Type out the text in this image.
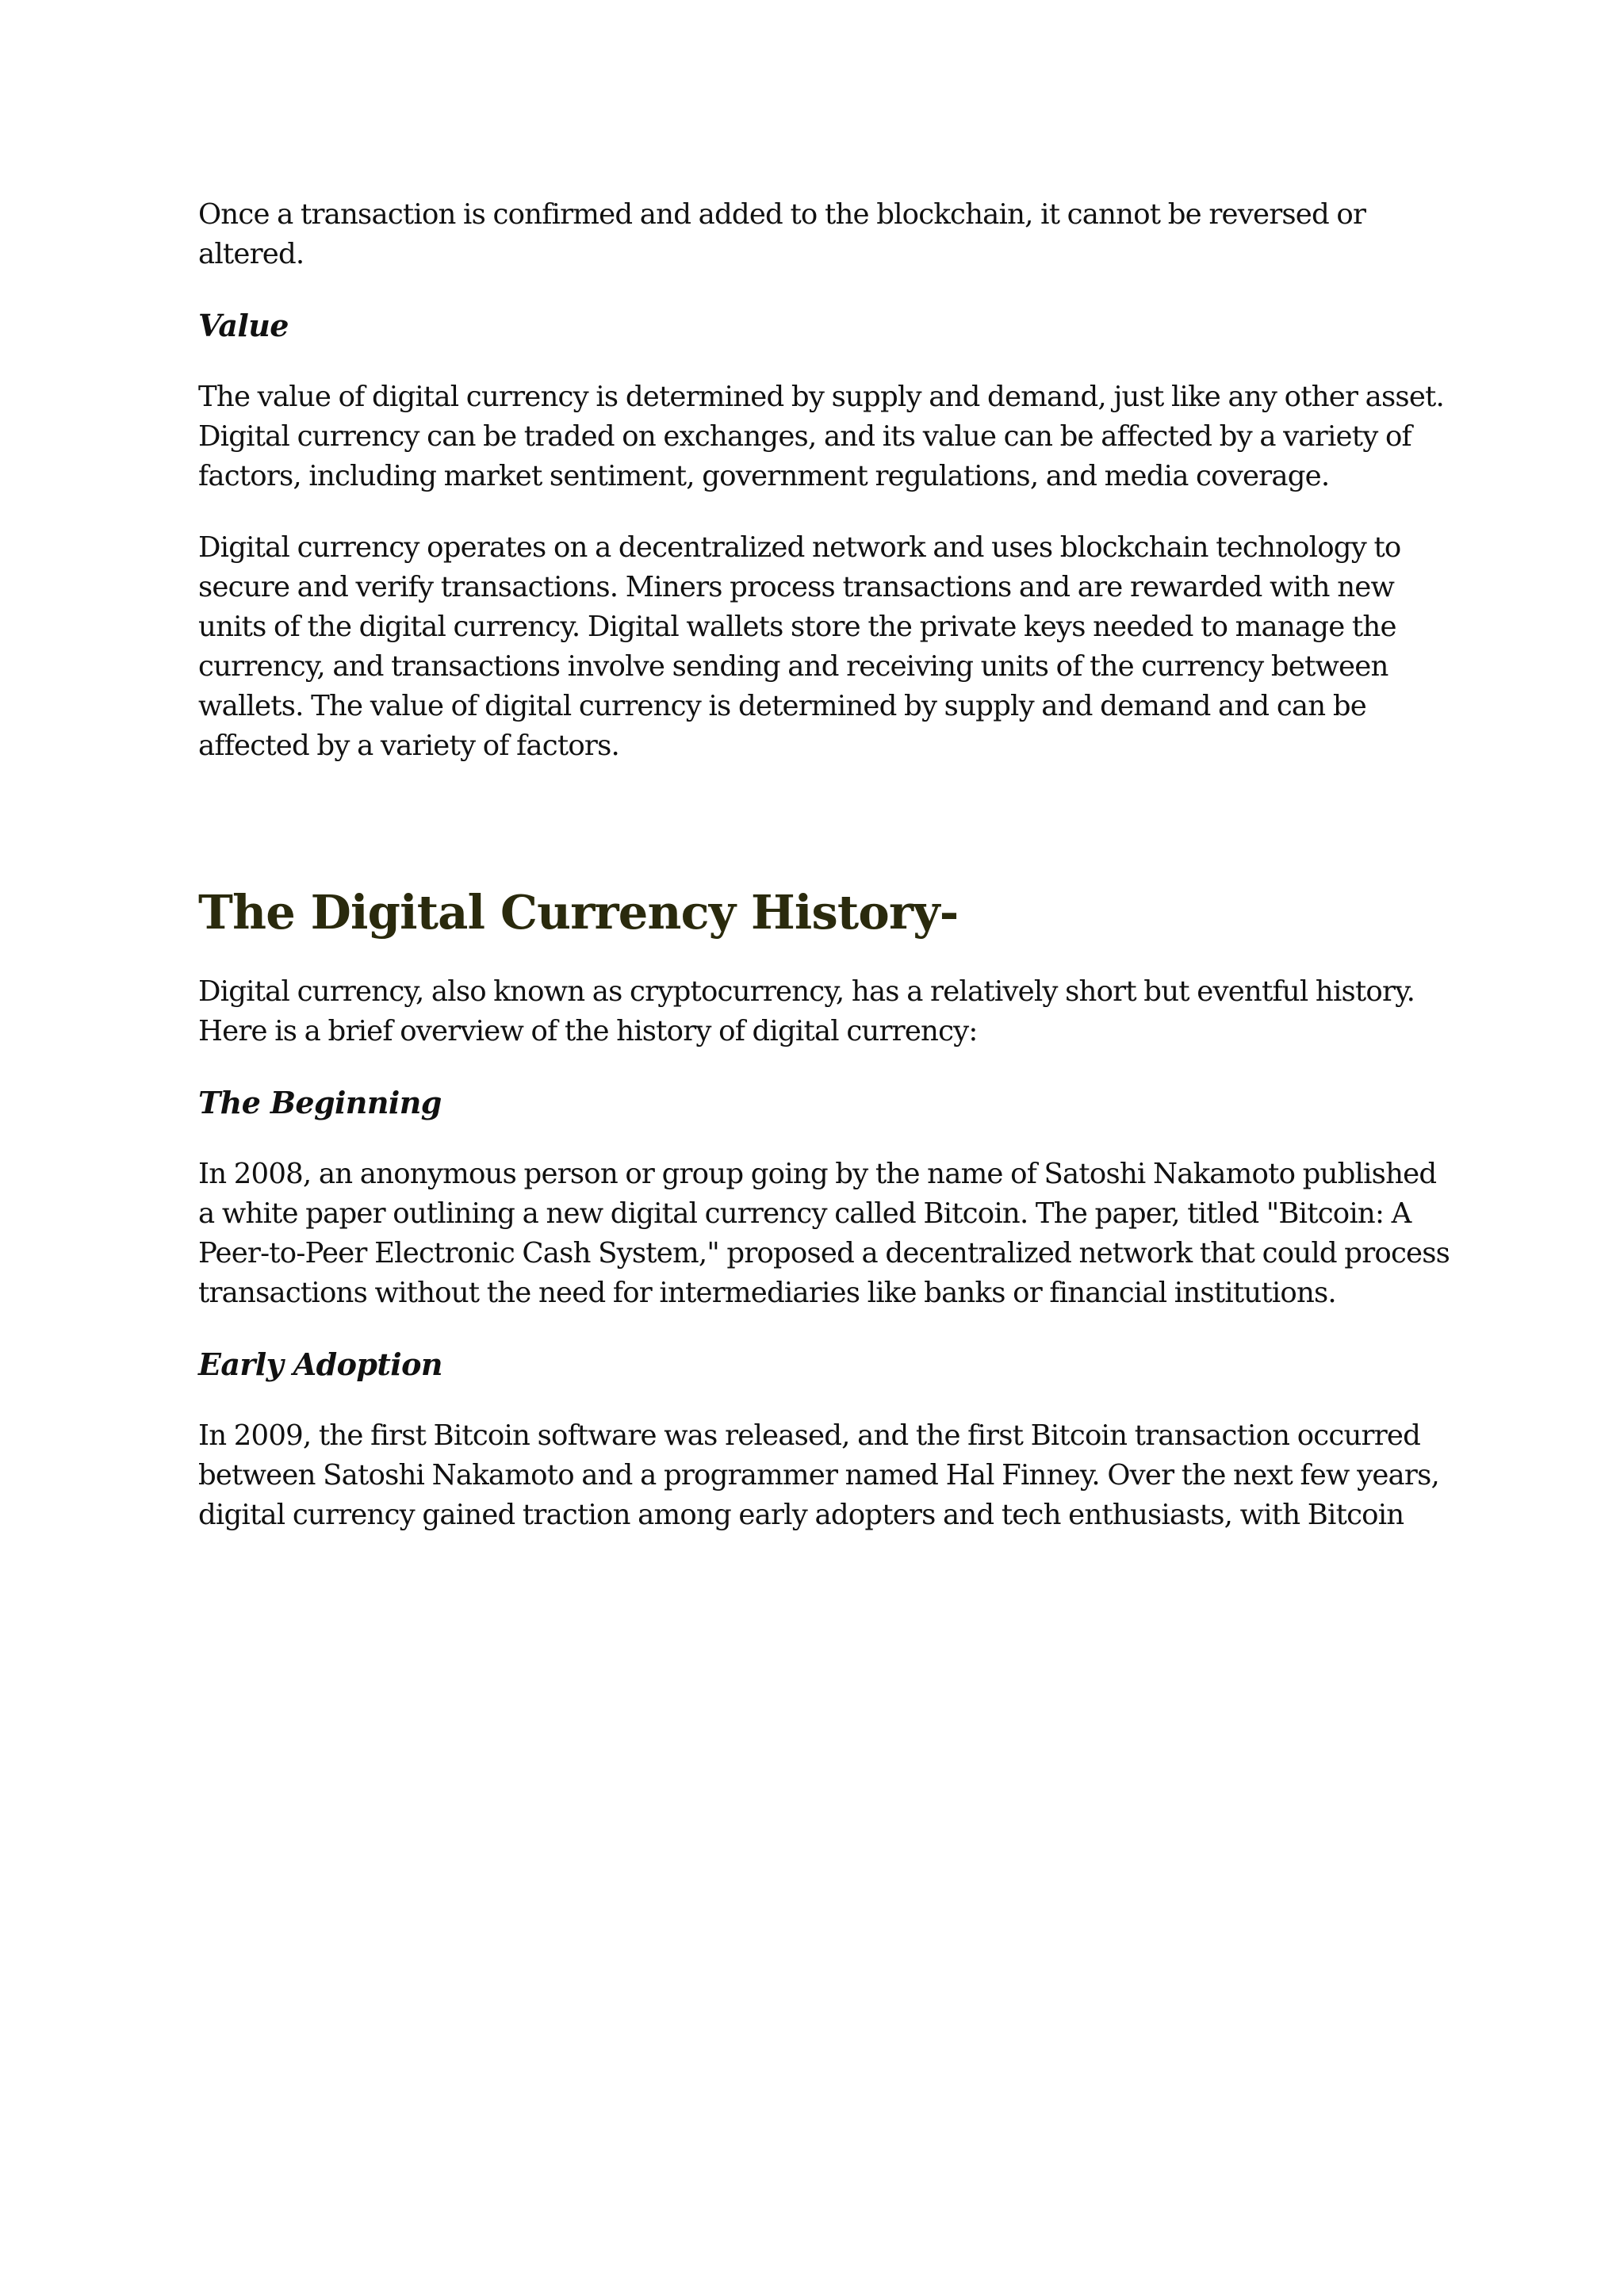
Once a transaction is confirmed and added to the blockchain, it cannot be reversed or altered.

Value

The value of digital currency is determined by supply and demand, just like any other asset. Digital currency can be traded on exchanges, and its value can be affected by a variety of factors, including market sentiment, government regulations, and media coverage.

Digital currency operates on a decentralized network and uses blockchain technology to secure and verify transactions. Miners process transactions and are rewarded with new units of the digital currency. Digital wallets store the private keys needed to manage the currency, and transactions involve sending and receiving units of the currency between wallets. The value of digital currency is determined by supply and demand and can be affected by a variety of factors.

The Digital Currency History-

Digital currency, also known as cryptocurrency, has a relatively short but eventful history. Here is a brief overview of the history of digital currency:

The Beginning

In 2008, an anonymous person or group going by the name of Satoshi Nakamoto published a white paper outlining a new digital currency called Bitcoin. The paper, titled "Bitcoin: A Peer-to-Peer Electronic Cash System," proposed a decentralized network that could process transactions without the need for intermediaries like banks or financial institutions.

Early Adoption

In 2009, the first Bitcoin software was released, and the first Bitcoin transaction occurred between Satoshi Nakamoto and a programmer named Hal Finney. Over the next few years, digital currency gained traction among early adopters and tech enthusiasts, with Bitcoin
